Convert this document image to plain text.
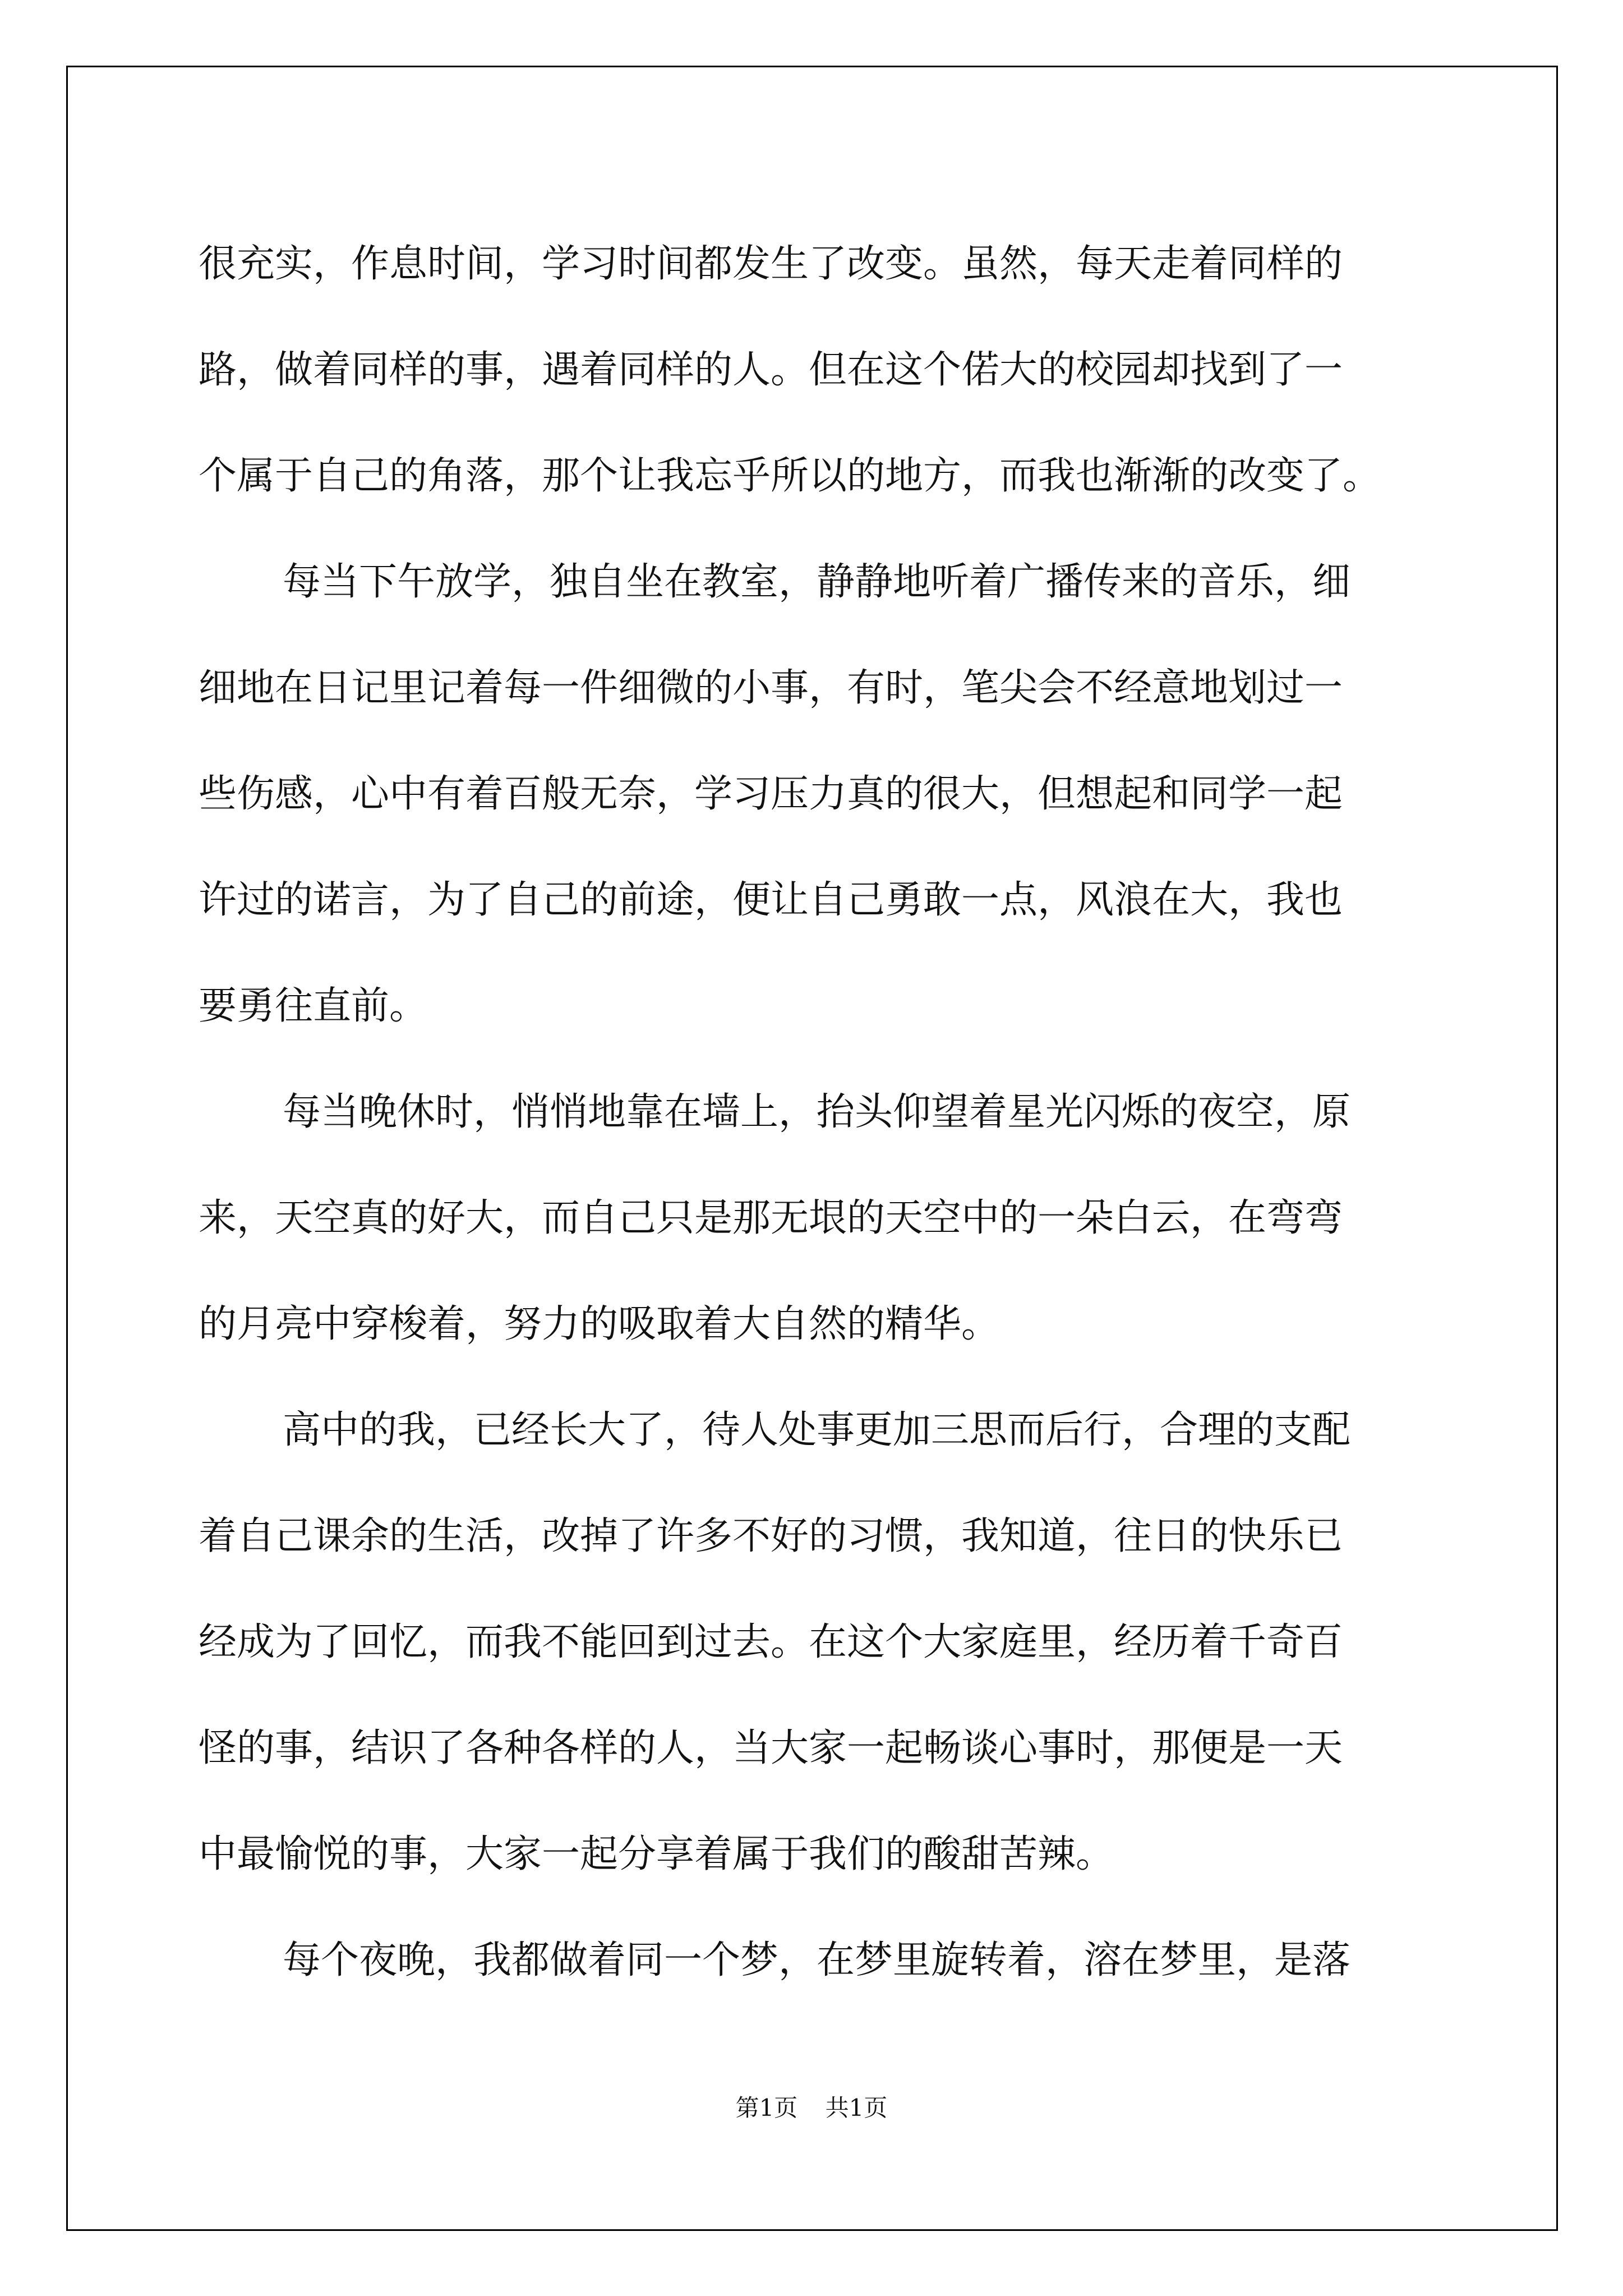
很充实，作息时间，学习时间都发生了改变。虽然，每天走着同样的
路，做着同样的事，遇着同样的人。但在这个偌大的校园却找到了一
个属于自己的角落，那个让我忘乎所以的地方，而我也渐渐的改变了。
每当下午放学，独自坐在教室，静静地听着广播传来的音乐，细
细地在日记里记着每一件细微的小事，有时，笔尖会不经意地划过一
些伤感，心中有着百般无奈，学习压力真的很大，但想起和同学一起
许过的诺言，为了自己的前途，便让自己勇敢一点，风浪在大，我也
要勇往直前。
每当晚休时，悄悄地靠在墙上，抬头仰望着星光闪烁的夜空，原
来，天空真的好大，而自己只是那无垠的天空中的一朵白云，在弯弯
的月亮中穿梭着，努力的吸取着大自然的精华。
高中的我，已经长大了，待人处事更加三思而后行，合理的支配
着自己课余的生活，改掉了许多不好的习惯，我知道，往日的快乐已
经成为了回忆，而我不能回到过去。在这个大家庭里，经历着千奇百
怪的事，结识了各种各样的人，当大家一起畅谈心事时，那便是一天
中最愉悦的事，大家一起分享着属于我们的酸甜苦辣。
每个夜晚，我都做着同一个梦，在梦里旋转着，溶在梦里，是落
第1页 共1页
